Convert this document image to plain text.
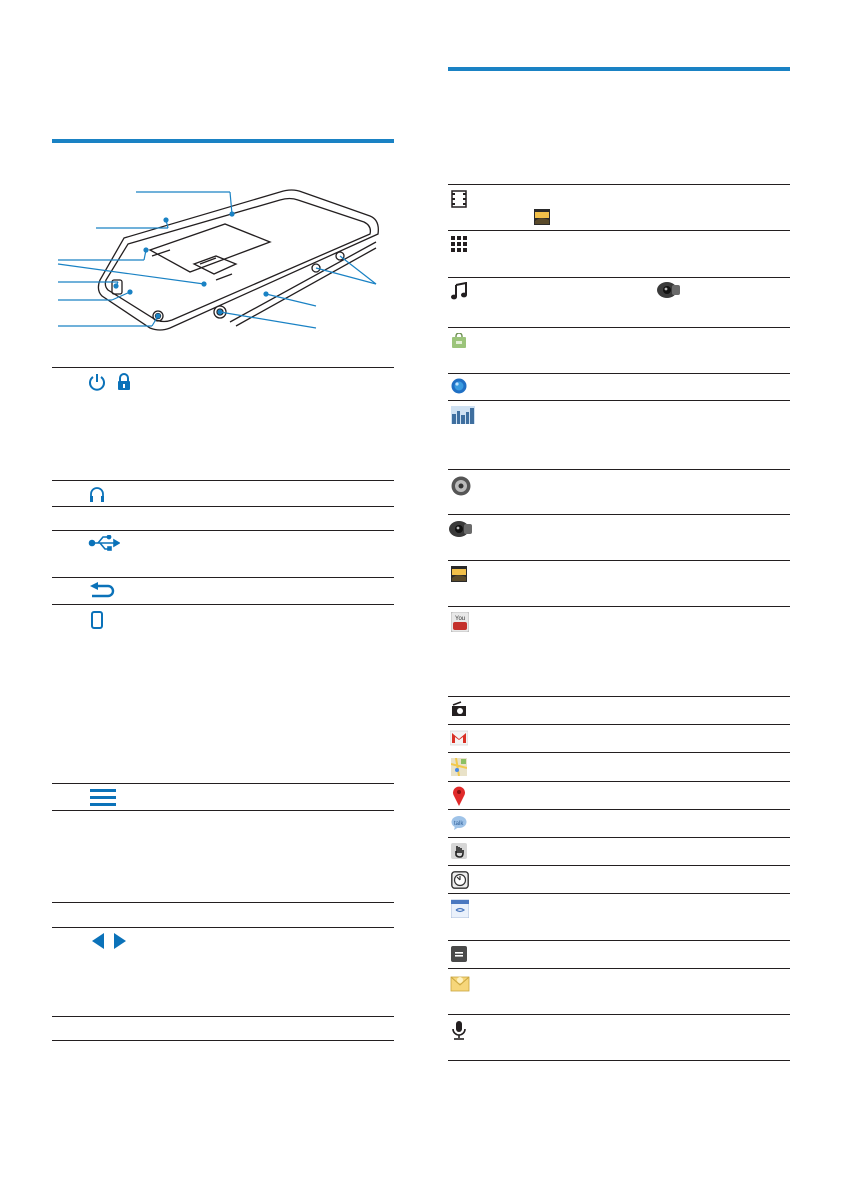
You
talk
